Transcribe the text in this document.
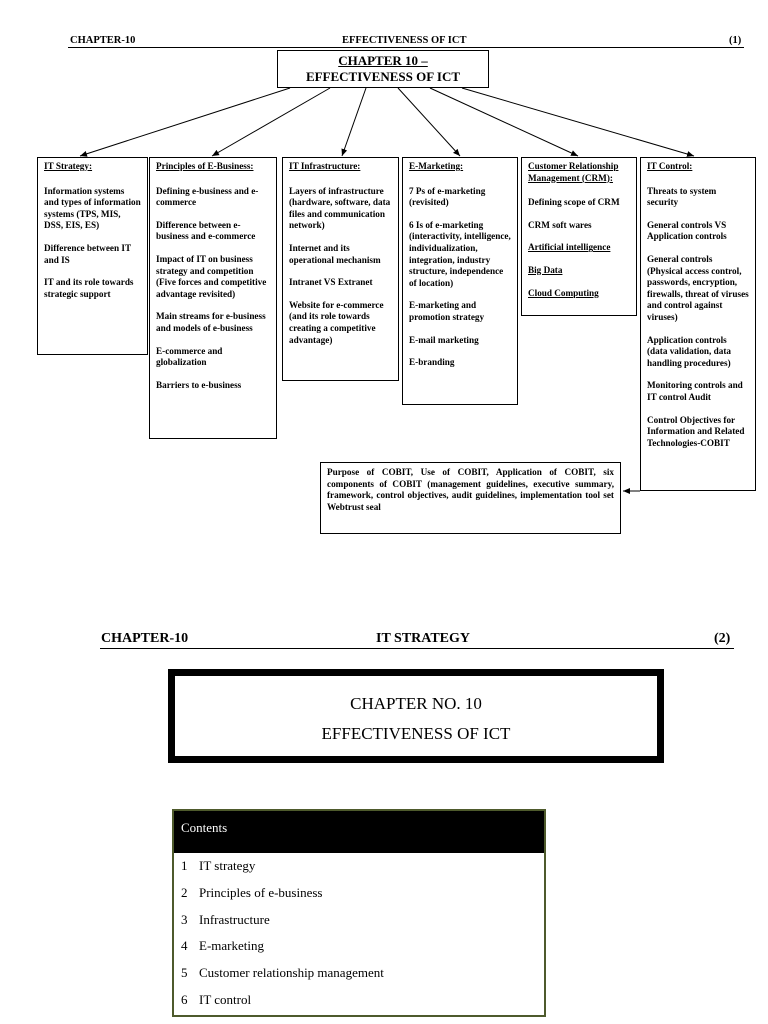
CHAPTER-10	EFFECTIVENESS OF ICT	(1)
CHAPTER 10 –
EFFECTIVENESS OF ICT
IT Strategy:
Information systems and types of information systems (TPS, MIS, DSS, EIS, ES)
Difference between IT and IS
IT and its role towards strategic support
Principles of E-Business:
Defining e-business and e-commerce
Difference between e-business and e-commerce
Impact of IT on business strategy and competition (Five forces and competitive advantage revisited)
Main streams for e-business and models of e-business
E-commerce and globalization
Barriers to e-business
IT Infrastructure:
Layers of infrastructure (hardware, software, data files and communication network)
Internet and its operational mechanism
Intranet VS Extranet
Website for e-commerce (and its role towards creating a competitive advantage)
E-Marketing:
7 Ps of e-marketing (revisited)
6 Is of e-marketing (interactivity, intelligence, individualization, integration, industry structure, independence of location)
E-marketing and promotion strategy
E-mail marketing
E-branding
Customer Relationship Management (CRM):
Defining scope of CRM
CRM soft wares
Artificial intelligence
Big Data
Cloud Computing
IT Control:
Threats to system security
General controls VS Application controls
General controls (Physical access control, passwords, encryption, firewalls, threat of viruses and control against viruses)
Application controls (data validation, data handling procedures)
Monitoring controls and IT control Audit
Control Objectives for Information and Related Technologies-COBIT
Purpose of COBIT, Use of COBIT, Application of COBIT, six components of COBIT (management guidelines, executive summary, framework, control objectives, audit guidelines, implementation tool set Webtrust seal
CHAPTER-10	IT STRATEGY	(2)
CHAPTER NO. 10
EFFECTIVENESS OF ICT
Contents
1 IT strategy
2 Principles of e-business
3 Infrastructure
4 E-marketing
5 Customer relationship management
6 IT control
